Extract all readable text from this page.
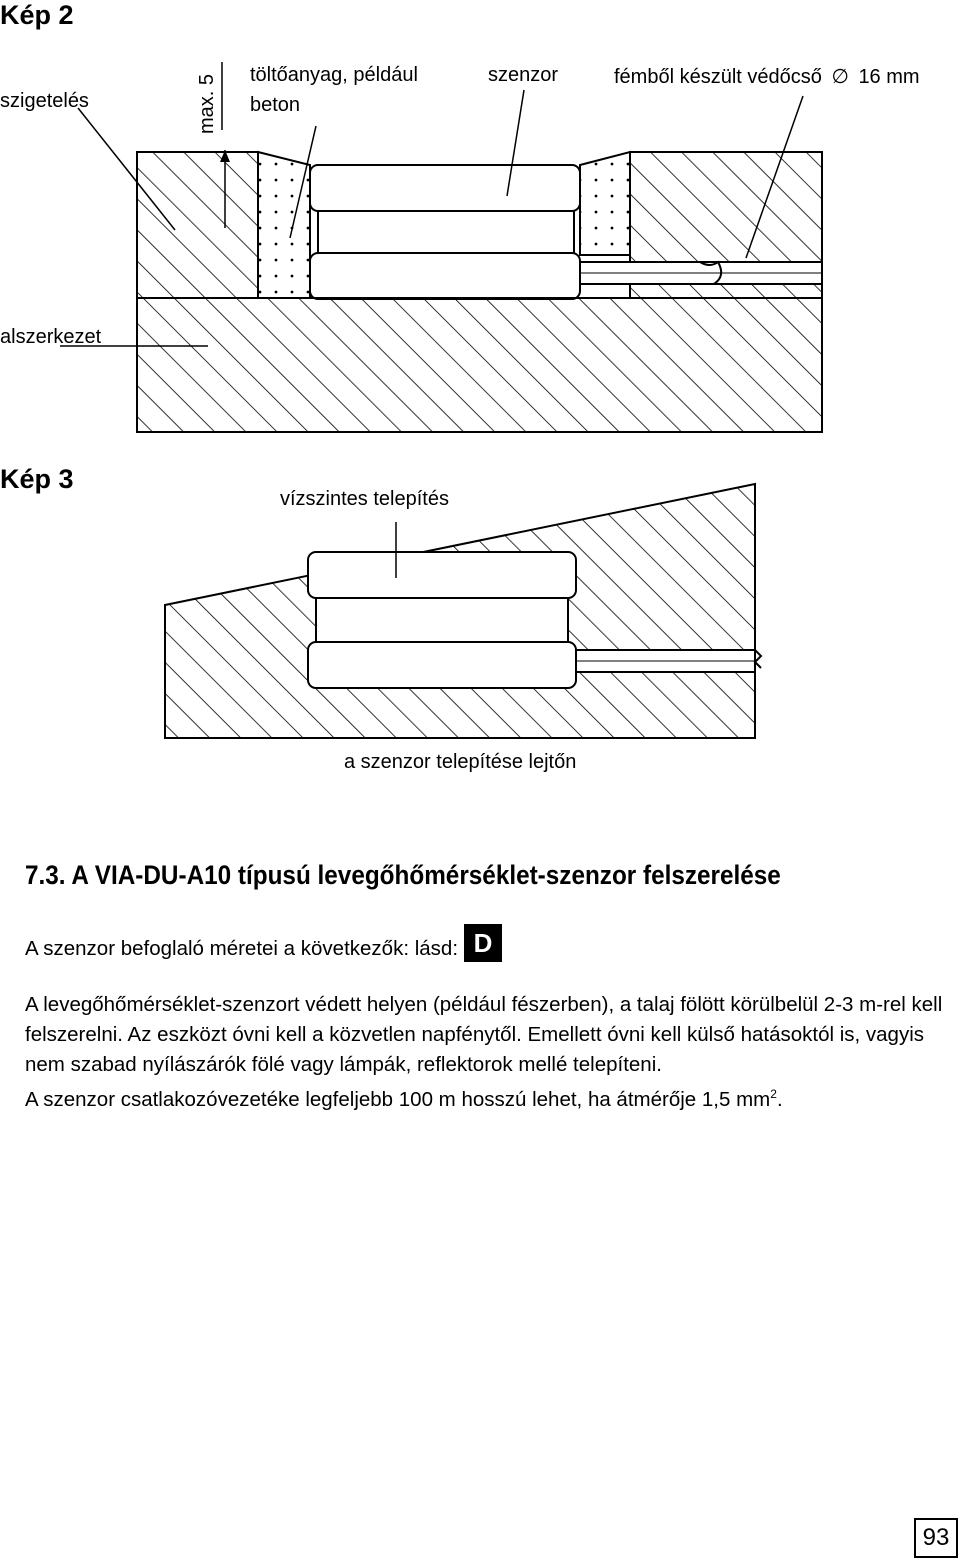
Kép 2
szigetelés	max. 5 töltőanyag, például
beton
szenzor	fémből készült védőcső ∅ 16 mm
alszerkezet
Kép 3
vízszintes telepítés
a szenzor telepítése lejtőn
7.3. A VIA-DU-A10 típusú levegőhőmérséklet-szenzor felszerelése
A szenzor befoglaló méretei a következők: lásd: D
A levegőhőmérséklet-szenzort védett helyen (például fészerben), a talaj fölött körülbelül 2-3 m-rel kell
felszerelni. Az eszközt óvni kell a közvetlen napfénytől. Emellett óvni kell külső hatásoktól is, vagyis
nem szabad nyílászárók fölé vagy lámpák, reflektorok mellé telepíteni.
A szenzor csatlakozóvezetéke legfeljebb 100 m hosszú lehet, ha átmérője 1,5 $mm^2$.
93
